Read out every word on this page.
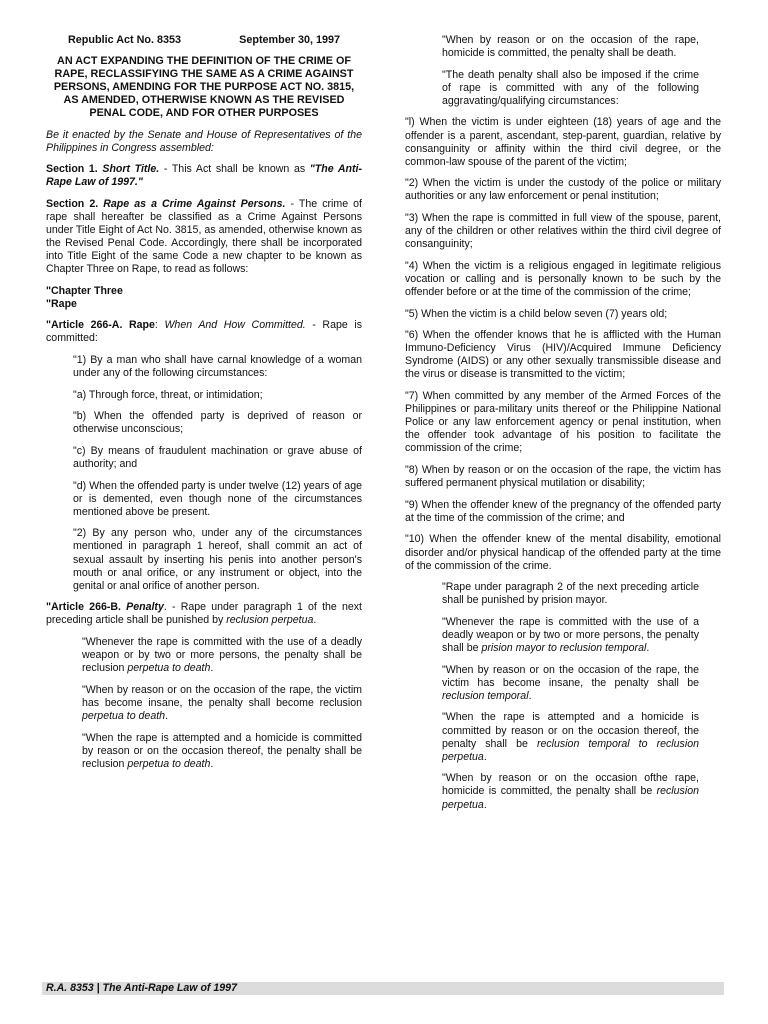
Republic Act No. 8353	September 30, 1997
AN ACT EXPANDING THE DEFINITION OF THE CRIME OF RAPE, RECLASSIFYING THE SAME AS A CRIME AGAINST PERSONS, AMENDING FOR THE PURPOSE ACT NO. 3815, AS AMENDED, OTHERWISE KNOWN AS THE REVISED PENAL CODE, AND FOR OTHER PURPOSES

Be it enacted by the Senate and House of Representatives of the Philippines in Congress assembled:

Section 1. Short Title. - This Act shall be known as "The Anti-Rape Law of 1997."

Section 2. Rape as a Crime Against Persons. - The crime of rape shall hereafter be classified as a Crime Against Persons under Title Eight of Act No. 3815, as amended, otherwise known as the Revised Penal Code. Accordingly, there shall be incorporated into Title Eight of the same Code a new chapter to be known as Chapter Three on Rape, to read as follows:

"Chapter Three
"Rape

"Article 266-A. Rape: When And How Committed. - Rape is committed:

"1) By a man who shall have carnal knowledge of a woman under any of the following circumstances:

"a) Through force, threat, or intimidation;

"b) When the offended party is deprived of reason or otherwise unconscious;

"c) By means of fraudulent machination or grave abuse of authority; and

"d) When the offended party is under twelve (12) years of age or is demented, even though none of the circumstances mentioned above be present.

"2) By any person who, under any of the circumstances mentioned in paragraph 1 hereof, shall commit an act of sexual assault by inserting his penis into another person's mouth or anal orifice, or any instrument or object, into the genital or anal orifice of another person.

"Article 266-B. Penalty. - Rape under paragraph 1 of the next preceding article shall be punished by reclusion perpetua.

"Whenever the rape is committed with the use of a deadly weapon or by two or more persons, the penalty shall be reclusion perpetua to death.

"When by reason or on the occasion of the rape, the victim has become insane, the penalty shall become reclusion perpetua to death.

"When the rape is attempted and a homicide is committed by reason or on the occasion thereof, the penalty shall be reclusion perpetua to death.

"When by reason or on the occasion of the rape, homicide is committed, the penalty shall be death.

"The death penalty shall also be imposed if the crime of rape is committed with any of the following aggravating/qualifying circumstances:

"l) When the victim is under eighteen (18) years of age and the offender is a parent, ascendant, step-parent, guardian, relative by consanguinity or affinity within the third civil degree, or the common-law spouse of the parent of the victim;

"2) When the victim is under the custody of the police or military authorities or any law enforcement or penal institution;

"3) When the rape is committed in full view of the spouse, parent, any of the children or other relatives within the third civil degree of consanguinity;

"4) When the victim is a religious engaged in legitimate religious vocation or calling and is personally known to be such by the offender before or at the time of the commission of the crime;

"5) When the victim is a child below seven (7) years old;

"6) When the offender knows that he is afflicted with the Human Immuno-Deficiency Virus (HIV)/Acquired Immune Deficiency Syndrome (AIDS) or any other sexually transmissible disease and the virus or disease is transmitted to the victim;

"7) When committed by any member of the Armed Forces of the Philippines or para-military units thereof or the Philippine National Police or any law enforcement agency or penal institution, when the offender took advantage of his position to facilitate the commission of the crime;

"8) When by reason or on the occasion of the rape, the victim has suffered permanent physical mutilation or disability;

"9) When the offender knew of the pregnancy of the offended party at the time of the commission of the crime; and

"10) When the offender knew of the mental disability, emotional disorder and/or physical handicap of the offended party at the time of the commission of the crime.

"Rape under paragraph 2 of the next preceding article shall be punished by prision mayor.

"Whenever the rape is committed with the use of a deadly weapon or by two or more persons, the penalty shall be prision mayor to reclusion temporal.

"When by reason or on the occasion of the rape, the victim has become insane, the penalty shall be reclusion temporal.

"When the rape is attempted and a homicide is committed by reason or on the occasion thereof, the penalty shall be reclusion temporal to reclusion perpetua.

"When by reason or on the occasion ofthe rape, homicide is committed, the penalty shall be reclusion perpetua.

R.A. 8353 | The Anti-Rape Law of 1997
